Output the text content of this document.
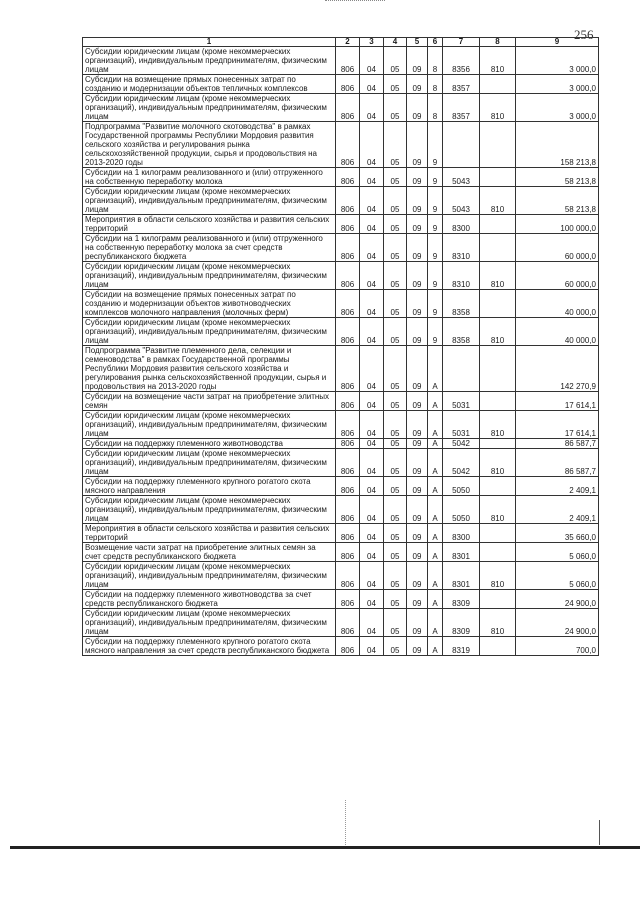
256
1	2	3	4	5	6	7	8	9
Субсидии юридическим лицам (кроме некоммерческих организаций), индивидуальным предпринимателям, физическим лицам	806	04	05	09	8	8356	810	3 000,0
Субсидии на возмещение прямых понесенных затрат по созданию и модернизации объектов тепличных комплексов	806	04	05	09	8	8357		3 000,0
Субсидии юридическим лицам (кроме некоммерческих организаций), индивидуальным предпринимателям, физическим лицам	806	04	05	09	8	8357	810	3 000,0
Подпрограмма "Развитие молочного скотоводства" в рамках Государственной программы Республики Мордовия развития сельского хозяйства и регулирования рынка сельскохозяйственной продукции, сырья и продовольствия на 2013-2020 годы	806	04	05	09	9			158 213,8
Субсидии на 1 килограмм реализованного и (или) отгруженного на собственную переработку молока	806	04	05	09	9	5043		58 213,8
Субсидии юридическим лицам (кроме некоммерческих организаций), индивидуальным предпринимателям, физическим лицам	806	04	05	09	9	5043	810	58 213,8
Мероприятия в области сельского хозяйства и развития сельских территорий	806	04	05	09	9	8300		100 000,0
Субсидии на 1 килограмм реализованного и (или) отгруженного на собственную переработку молока за счет средств республиканского бюджета	806	04	05	09	9	8310		60 000,0
Субсидии юридическим лицам (кроме некоммерческих организаций), индивидуальным предпринимателям, физическим лицам	806	04	05	09	9	8310	810	60 000,0
Субсидии на возмещение прямых понесенных затрат по созданию и модернизации объектов животноводческих комплексов молочного направления (молочных ферм)	806	04	05	09	9	8358		40 000,0
Субсидии юридическим лицам (кроме некоммерческих организаций), индивидуальным предпринимателям, физическим лицам	806	04	05	09	9	8358	810	40 000,0
Подпрограмма "Развитие племенного дела, селекции и семеноводства" в рамках Государственной программы Республики Мордовия развития сельского хозяйства и регулирования рынка сельскохозяйственной продукции, сырья и продовольствия на 2013-2020 годы	806	04	05	09	А			142 270,9
Субсидии на возмещение части затрат на приобретение элитных семян	806	04	05	09	А	5031		17 614,1
Субсидии юридическим лицам (кроме некоммерческих организаций), индивидуальным предпринимателям, физическим лицам	806	04	05	09	А	5031	810	17 614,1
Субсидии на поддержку племенного животноводства	806	04	05	09	А	5042		86 587,7
Субсидии юридическим лицам (кроме некоммерческих организаций), индивидуальным предпринимателям, физическим лицам	806	04	05	09	А	5042	810	86 587,7
Субсидии на поддержку племенного крупного рогатого скота мясного направления	806	04	05	09	А	5050		2 409,1
Субсидии юридическим лицам (кроме некоммерческих организаций), индивидуальным предпринимателям, физическим лицам	806	04	05	09	А	5050	810	2 409,1
Мероприятия в области сельского хозяйства и развития сельских территорий	806	04	05	09	А	8300		35 660,0
Возмещение части затрат на приобретение элитных семян за счет средств республиканского бюджета	806	04	05	09	А	8301		5 060,0
Субсидии юридическим лицам (кроме некоммерческих организаций), индивидуальным предпринимателям, физическим лицам	806	04	05	09	А	8301	810	5 060,0
Субсидии на поддержку племенного животноводства за счет средств республиканского бюджета	806	04	05	09	А	8309		24 900,0
Субсидии юридическим лицам (кроме некоммерческих организаций), индивидуальным предпринимателям, физическим лицам	806	04	05	09	А	8309	810	24 900,0
Субсидии на поддержку племенного крупного рогатого скота мясного направления за счет средств республиканского бюджета	806	04	05	09	А	8319		700,0
